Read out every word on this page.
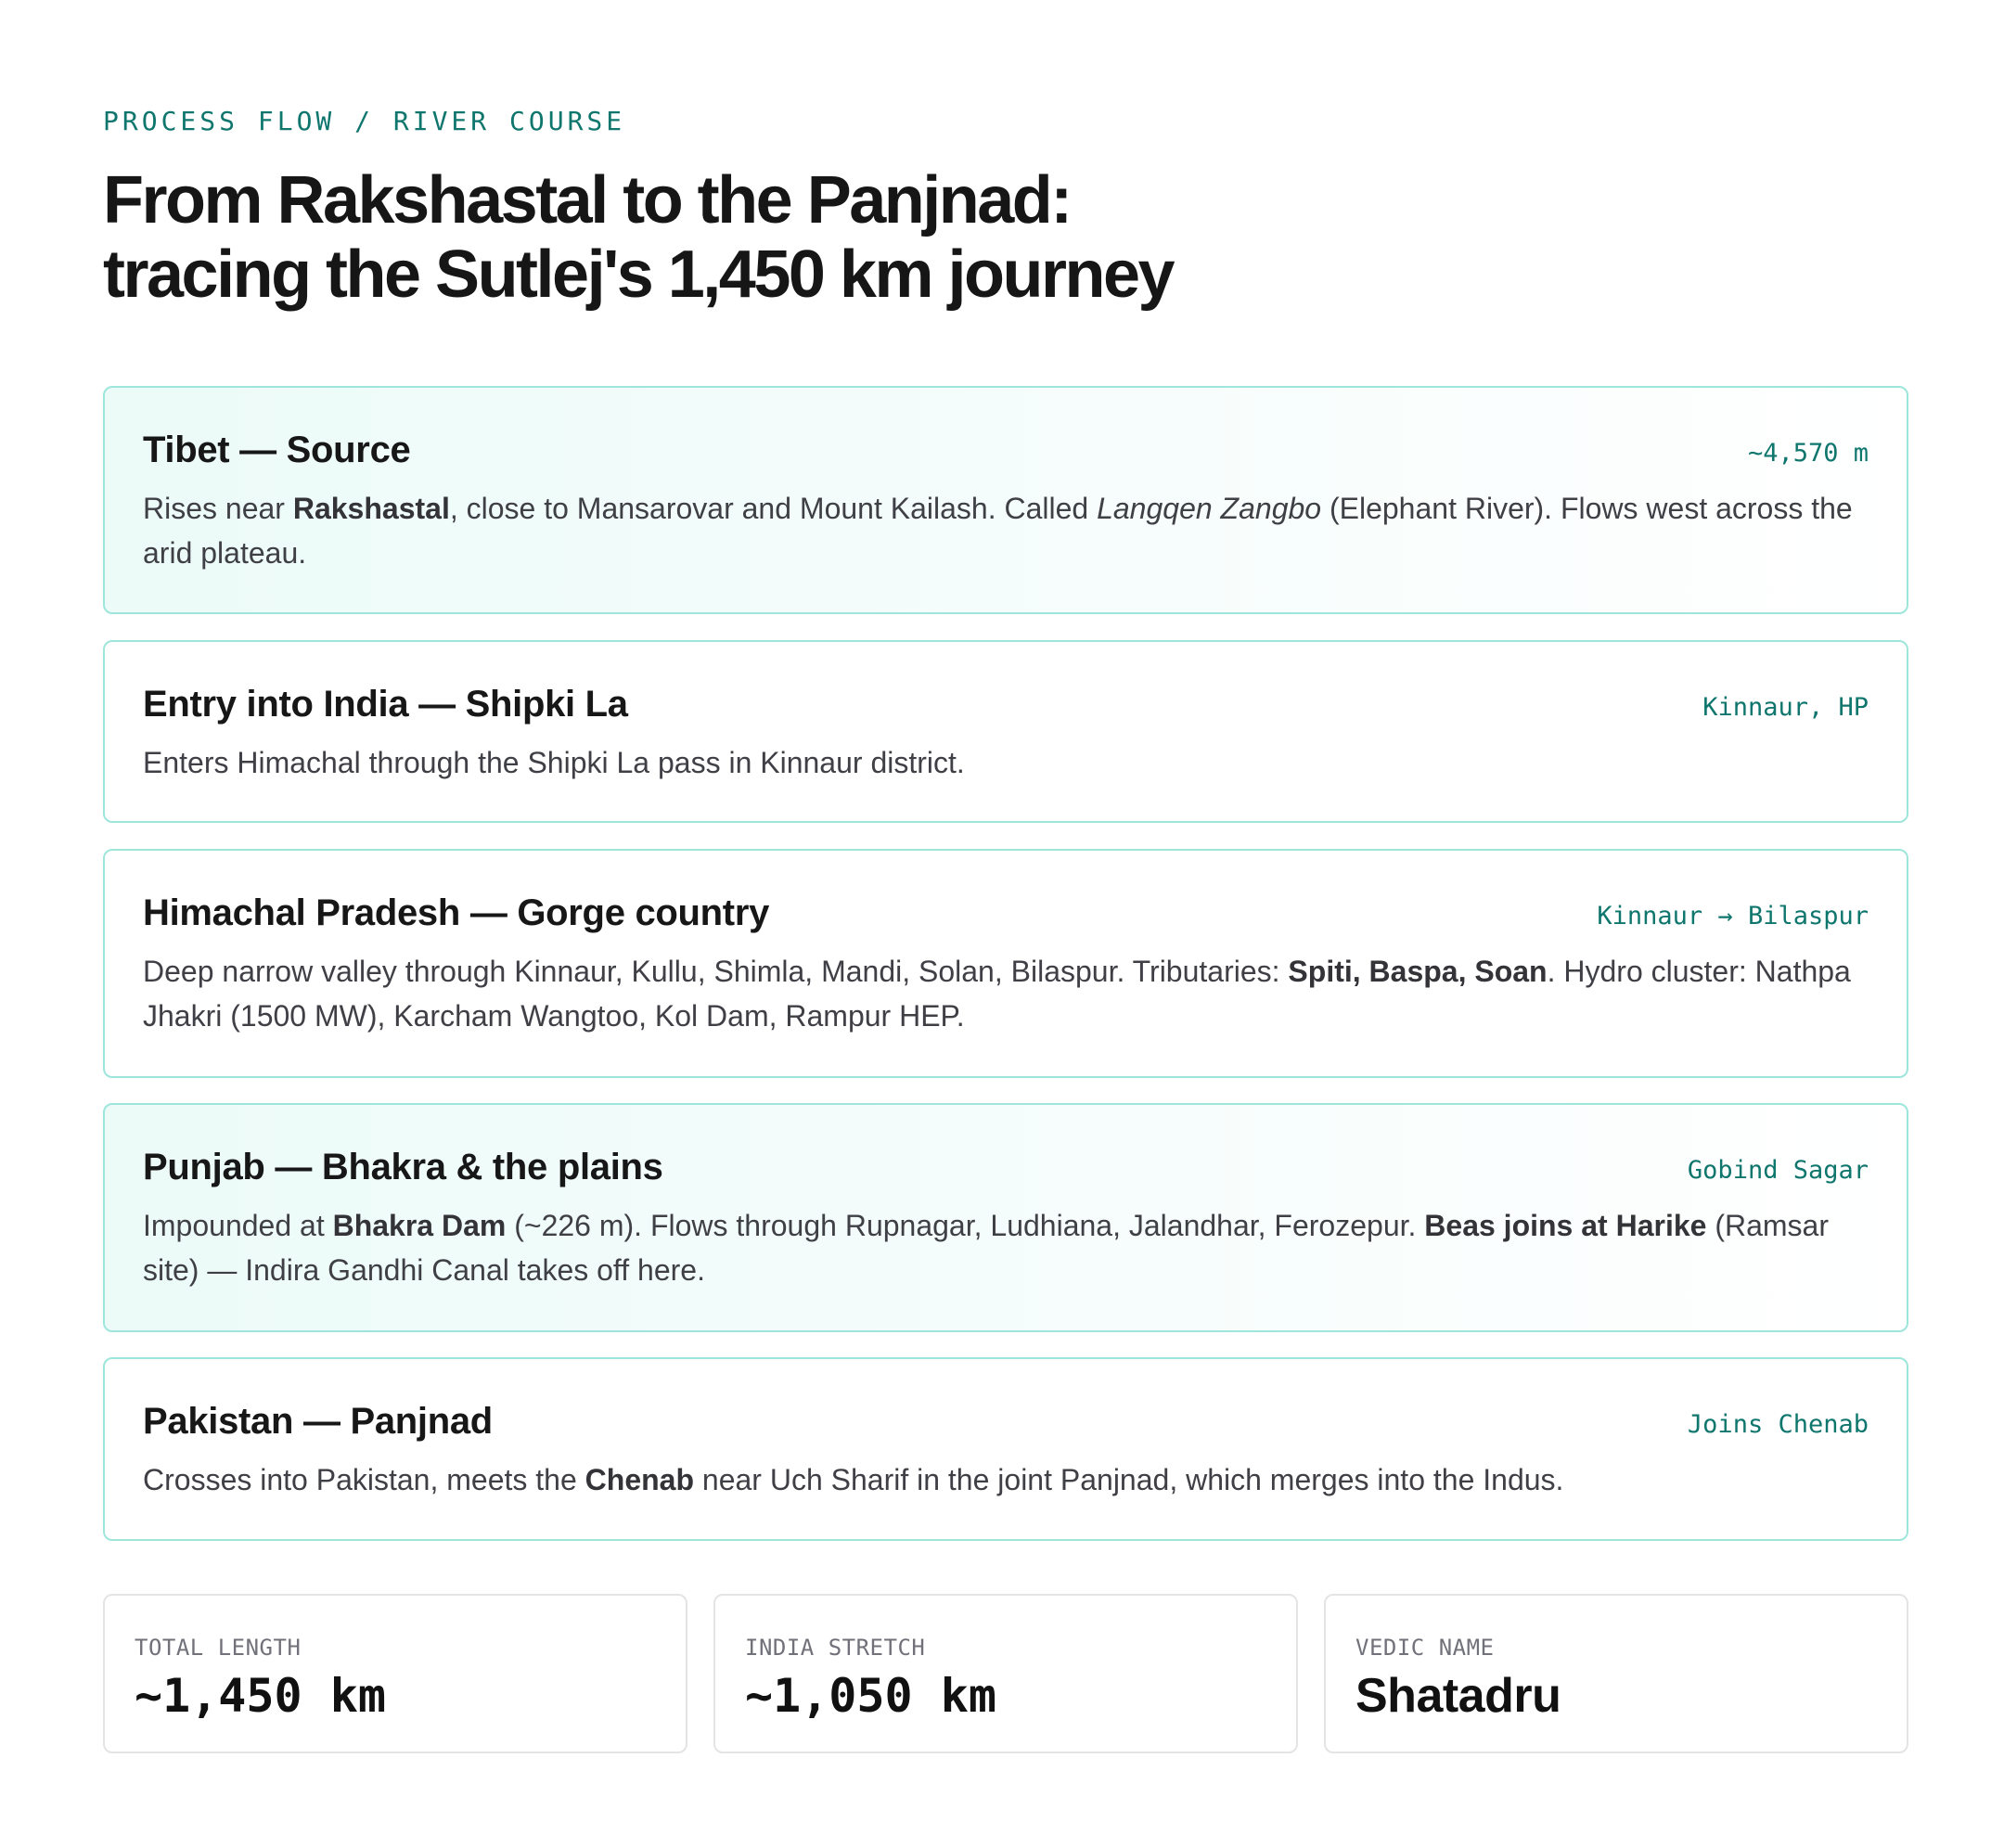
PROCESS FLOW / RIVER COURSE
From Rakshastal to the Panjnad:
tracing the Sutlej's 1,450 km journey
Tibet — Source	~4,570 m

Rises near Rakshastal, close to Mansarovar and Mount Kailash. Called Langqen Zangbo (Elephant River). Flows west across the arid plateau.

Entry into India — Shipki La	Kinnaur, HP

Enters Himachal through the Shipki La pass in Kinnaur district.

Himachal Pradesh — Gorge country	Kinnaur → Bilaspur

Deep narrow valley through Kinnaur, Kullu, Shimla, Mandi, Solan, Bilaspur. Tributaries: Spiti, Baspa, Soan. Hydro cluster: Nathpa Jhakri (1500 MW), Karcham Wangtoo, Kol Dam, Rampur HEP.

Punjab — Bhakra & the plains	Gobind Sagar

Impounded at Bhakra Dam (~226 m). Flows through Rupnagar, Ludhiana, Jalandhar, Ferozepur. Beas joins at Harike (Ramsar site) — Indira Gandhi Canal takes off here.

Pakistan — Panjnad	Joins Chenab

Crosses into Pakistan, meets the Chenab near Uch Sharif in the joint Panjnad, which merges into the Indus.

TOTAL LENGTH
~1,450 km
INDIA STRETCH
~1,050 km
VEDIC NAME
Shatadru
